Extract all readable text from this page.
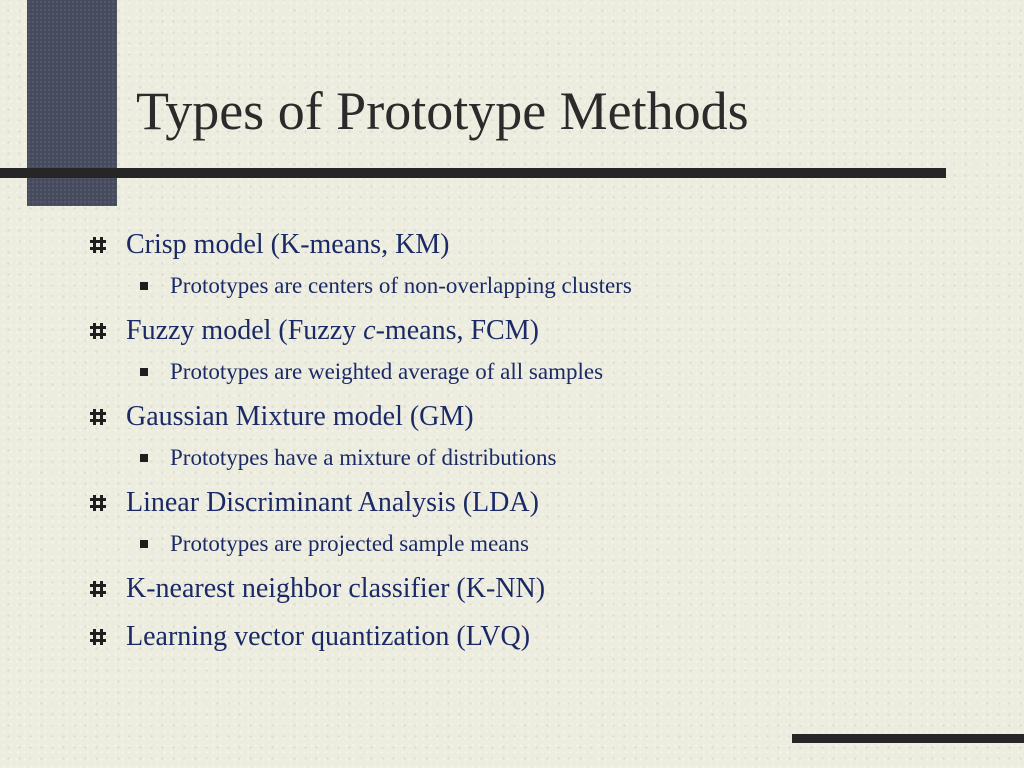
Types of Prototype Methods
Crisp model (K-means, KM)
Prototypes are centers of non-overlapping clusters
Fuzzy model (Fuzzy c-means, FCM)
Prototypes are weighted average of all samples
Gaussian Mixture model (GM)
Prototypes have a mixture of distributions
Linear Discriminant Analysis (LDA)
Prototypes are projected sample means
K-nearest neighbor classifier (K-NN)
Learning vector quantization (LVQ)
